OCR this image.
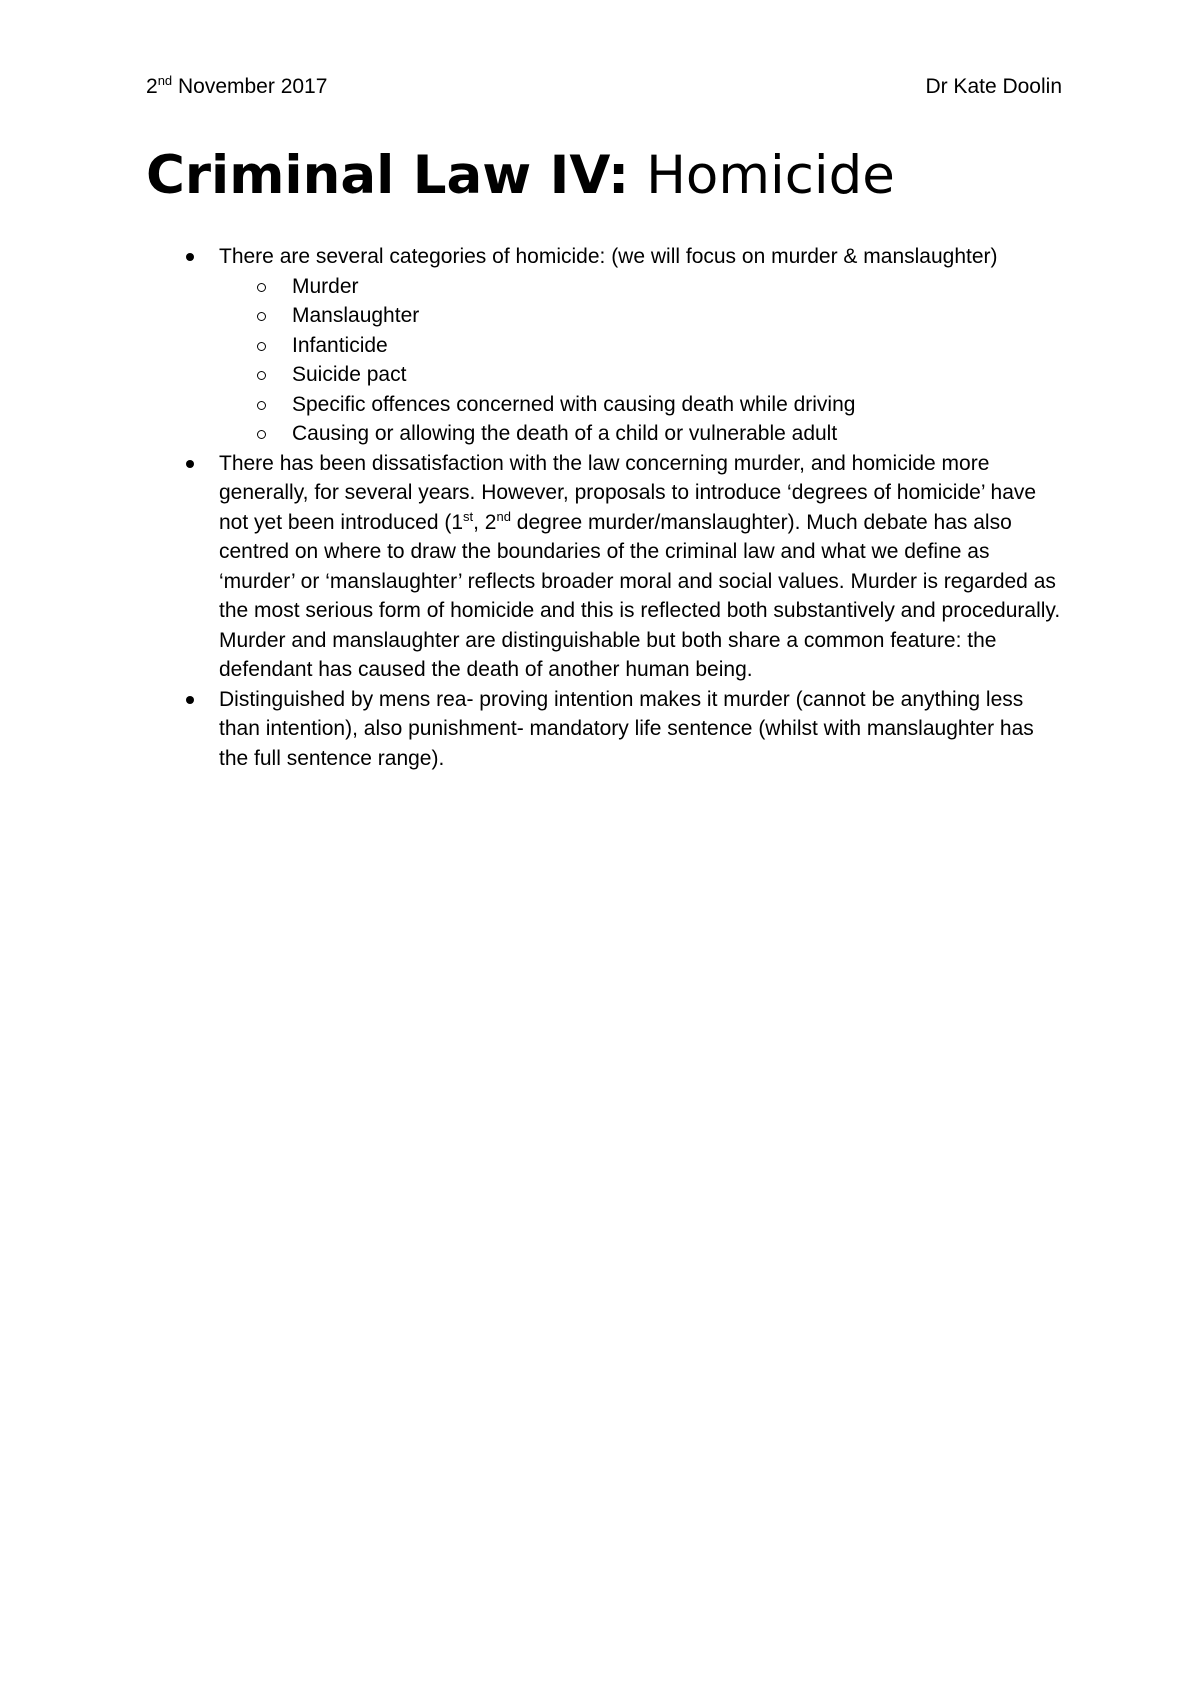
2nd November 2017	Dr Kate Doolin
Criminal Law IV: Homicide
There are several categories of homicide: (we will focus on murder & manslaughter)
Murder
Manslaughter
Infanticide
Suicide pact
Specific offences concerned with causing death while driving
Causing or allowing the death of a child or vulnerable adult
There has been dissatisfaction with the law concerning murder, and homicide more generally, for several years. However, proposals to introduce ‘degrees of homicide’ have not yet been introduced (1st, 2nd degree murder/manslaughter). Much debate has also centred on where to draw the boundaries of the criminal law and what we define as ‘murder’ or ‘manslaughter’ reflects broader moral and social values. Murder is regarded as the most serious form of homicide and this is reflected both substantively and procedurally. Murder and manslaughter are distinguishable but both share a common feature: the defendant has caused the death of another human being.
Distinguished by mens rea- proving intention makes it murder (cannot be anything less than intention), also punishment- mandatory life sentence (whilst with manslaughter has the full sentence range).
